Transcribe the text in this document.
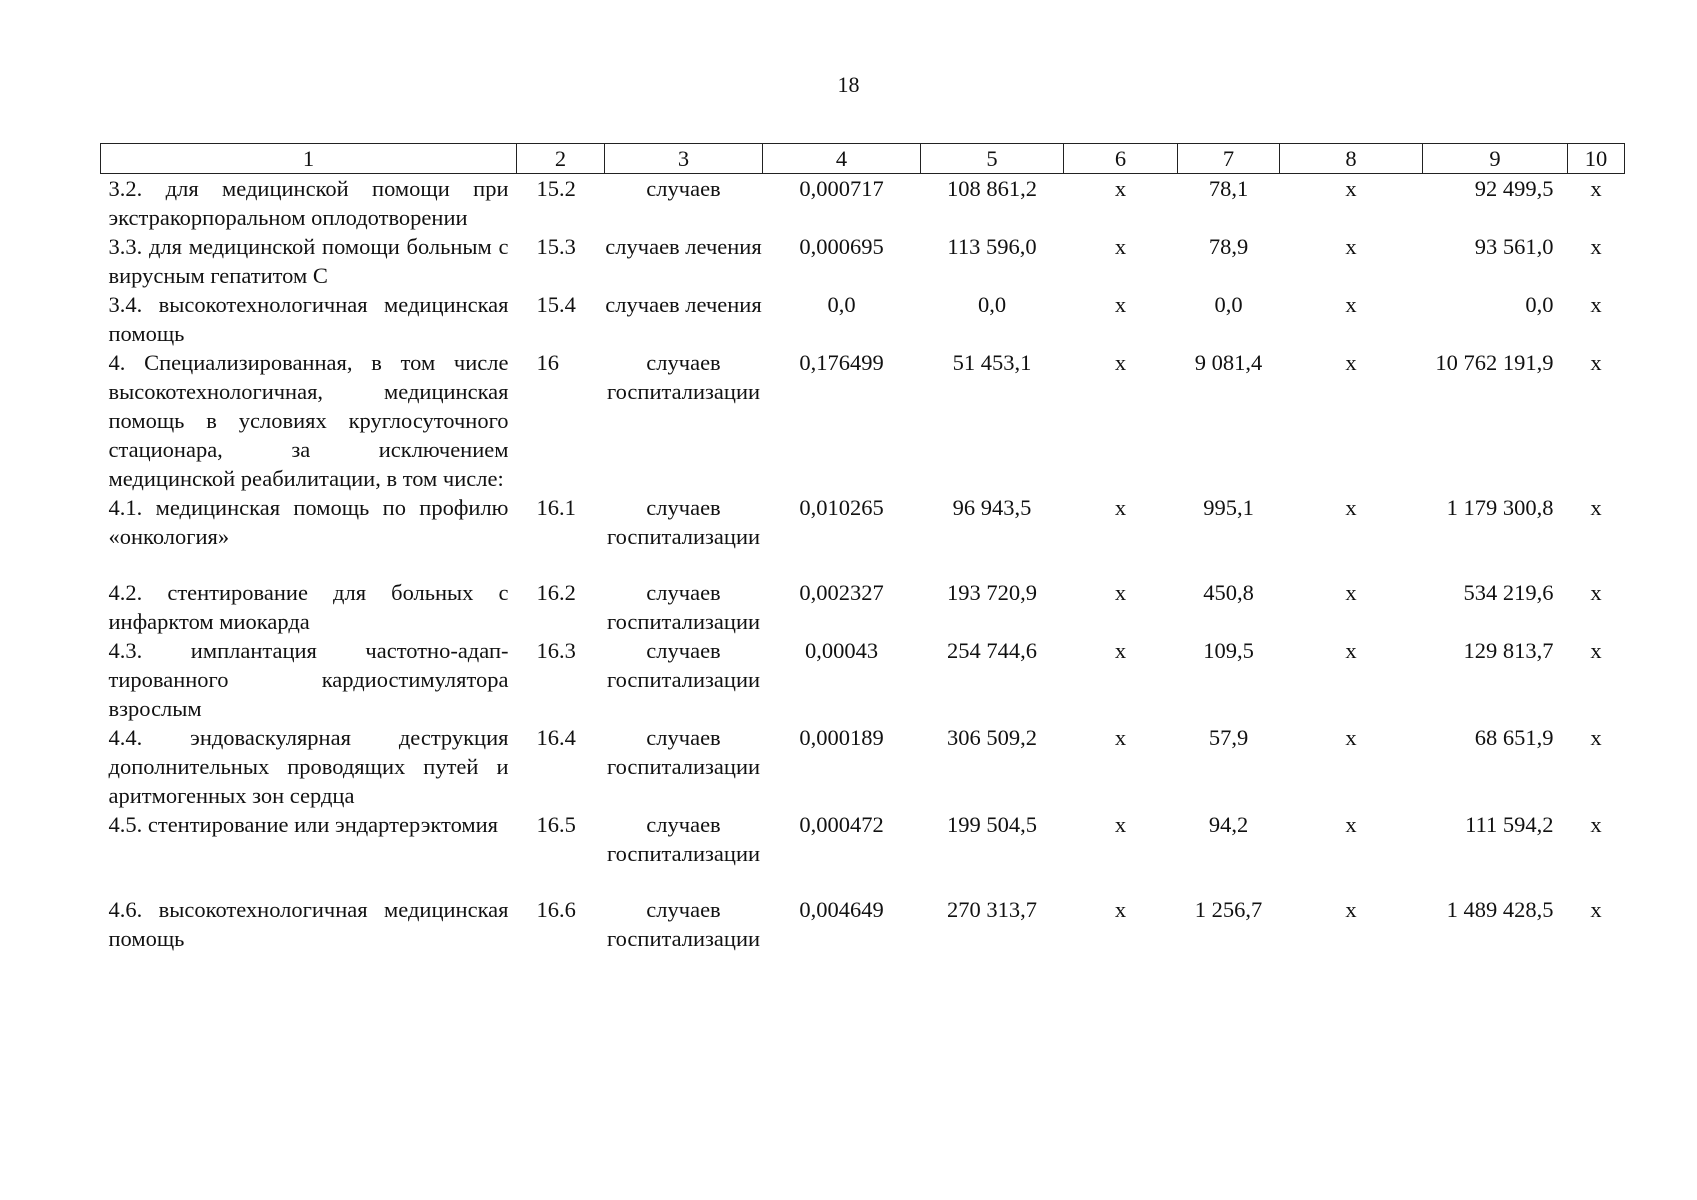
18
1	2	3	4	5	6	7	8	9	10
3.2. для медицинской помощи при экстракорпоральном оплодотворении	15.2	случаев	0,000717	108 861,2	х	78,1	х	92 499,5	х
3.3. для медицинской помощи больным с вирусным гепатитом С	15.3	случаев лечения	0,000695	113 596,0	х	78,9	х	93 561,0	х
3.4. высокотехнологичная медицинская помощь	15.4	случаев лечения	0,0	0,0	х	0,0	х	0,0	х
4. Специализированная, в том числе высокотехнологичная, медицинская помощь в условиях круглосуточного стационара, за исключением медицинской реабилитации, в том числе:	16	случаев госпитализации	0,176499	51 453,1	х	9 081,4	х	10 762 191,9	х
4.1. медицинская помощь по профилю «онкология»	16.1	случаев госпитализации	0,010265	96 943,5	х	995,1	х	1 179 300,8	х
4.2. стентирование для больных с инфарктом миокарда	16.2	случаев госпитализации	0,002327	193 720,9	х	450,8	х	534 219,6	х
4.3. имплантация частотно-адаптированного кардиостимулятора взрослым	16.3	случаев госпитализации	0,00043	254 744,6	х	109,5	х	129 813,7	х
4.4. эндоваскулярная деструкция дополнительных проводящих путей и аритмогенных зон сердца	16.4	случаев госпитализации	0,000189	306 509,2	х	57,9	х	68 651,9	х
4.5. стентирование или эндартерэктомия	16.5	случаев госпитализации	0,000472	199 504,5	х	94,2	х	111 594,2	х
4.6. высокотехнологичная медицинская помощь	16.6	случаев госпитализации	0,004649	270 313,7	х	1 256,7	х	1 489 428,5	х
